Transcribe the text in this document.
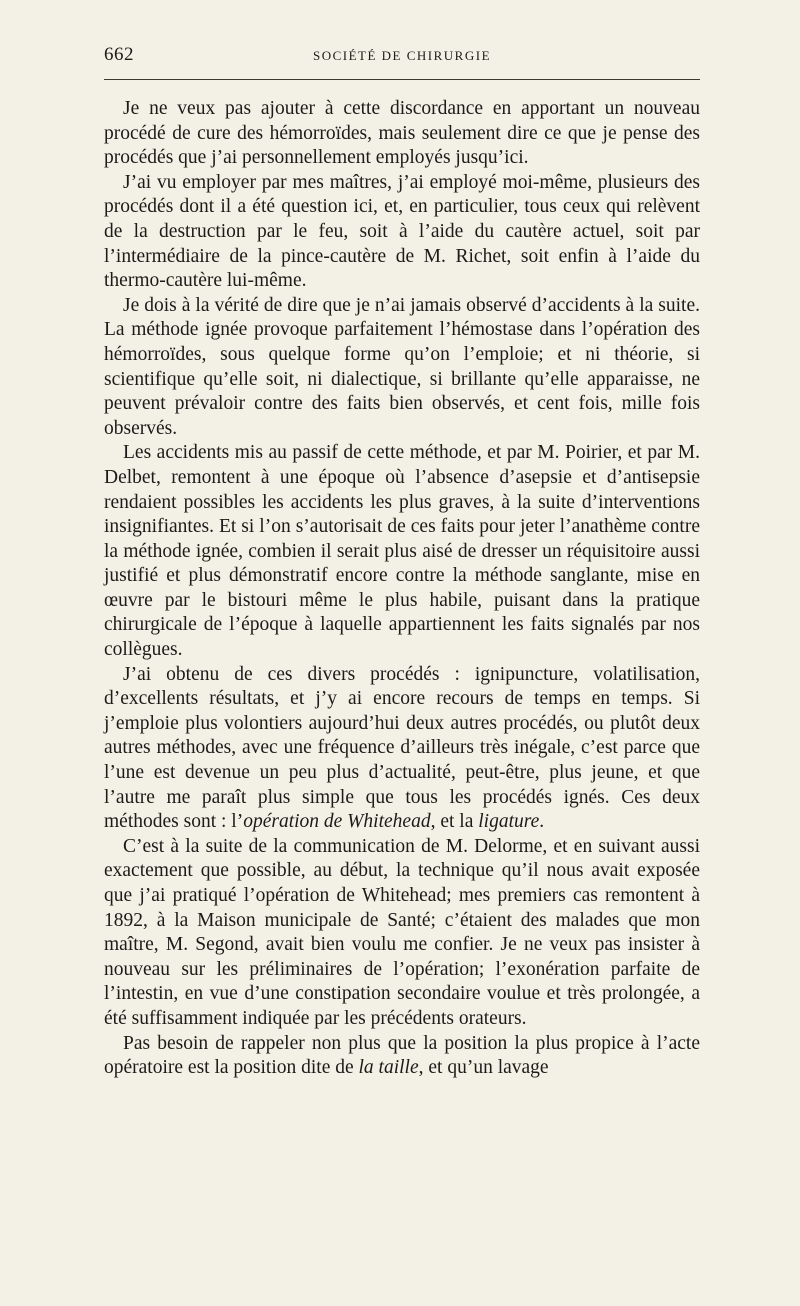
662	SOCIÉTÉ DE CHIRURGIE

Je ne veux pas ajouter à cette discordance en apportant un nouveau procédé de cure des hémorroïdes, mais seulement dire ce que je pense des procédés que j’ai personnellement employés jusqu’ici.

J’ai vu employer par mes maîtres, j’ai employé moi-même, plusieurs des procédés dont il a été question ici, et, en particulier, tous ceux qui relèvent de la destruction par le feu, soit à l’aide du cautère actuel, soit par l’intermédiaire de la pince-cautère de M. Richet, soit enfin à l’aide du thermo-cautère lui-même.

Je dois à la vérité de dire que je n’ai jamais observé d’accidents à la suite. La méthode ignée provoque parfaitement l’hémostase dans l’opération des hémorroïdes, sous quelque forme qu’on l’emploie; et ni théorie, si scientifique qu’elle soit, ni dialectique, si brillante qu’elle apparaisse, ne peuvent prévaloir contre des faits bien observés, et cent fois, mille fois observés.

Les accidents mis au passif de cette méthode, et par M. Poirier, et par M. Delbet, remontent à une époque où l’absence d’asepsie et d’antisepsie rendaient possibles les accidents les plus graves, à la suite d’interventions insignifiantes. Et si l’on s’autorisait de ces faits pour jeter l’anathème contre la méthode ignée, combien il serait plus aisé de dresser un réquisitoire aussi justifié et plus démonstratif encore contre la méthode sanglante, mise en œuvre par le bistouri même le plus habile, puisant dans la pratique chirurgicale de l’époque à laquelle appartiennent les faits signalés par nos collègues.

J’ai obtenu de ces divers procédés : ignipuncture, volatilisation, d’excellents résultats, et j’y ai encore recours de temps en temps. Si j’emploie plus volontiers aujourd’hui deux autres procédés, ou plutôt deux autres méthodes, avec une fréquence d’ailleurs très inégale, c’est parce que l’une est devenue un peu plus d’actualité, peut-être, plus jeune, et que l’autre me paraît plus simple que tous les procédés ignés. Ces deux méthodes sont : l’opération de Whitehead, et la ligature.

C’est à la suite de la communication de M. Delorme, et en suivant aussi exactement que possible, au début, la technique qu’il nous avait exposée que j’ai pratiqué l’opération de Whitehead; mes premiers cas remontent à 1892, à la Maison municipale de Santé; c’étaient des malades que mon maître, M. Segond, avait bien voulu me confier. Je ne veux pas insister à nouveau sur les préliminaires de l’opération; l’exonération parfaite de l’intestin, en vue d’une constipation secondaire voulue et très prolongée, a été suffisamment indiquée par les précédents orateurs.

Pas besoin de rappeler non plus que la position la plus propice à l’acte opératoire est la position dite de la taille, et qu’un lavage
